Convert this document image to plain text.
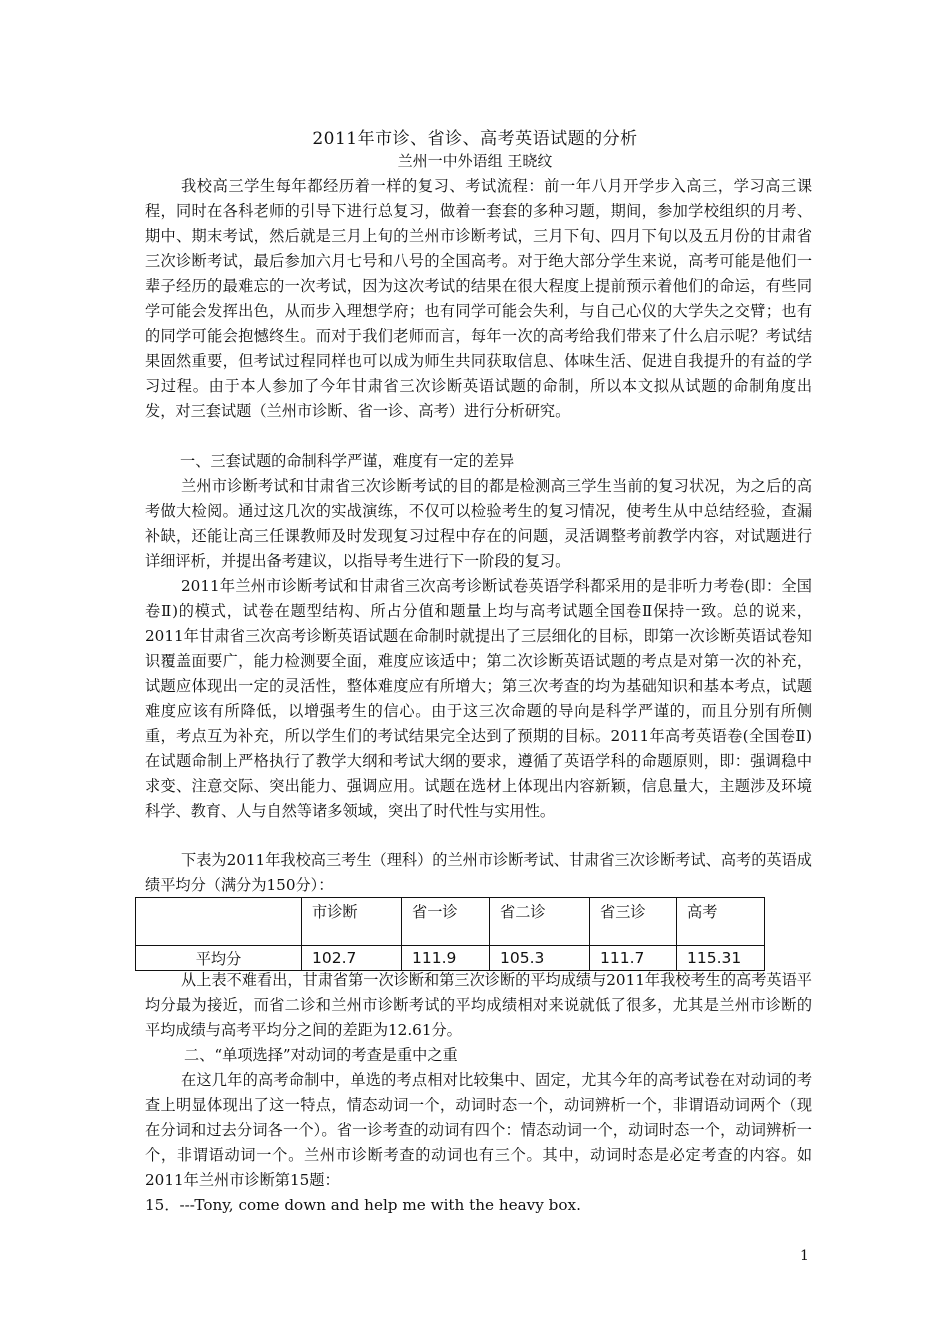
2011年市诊、省诊、高考英语试题的分析
兰州一中外语组 王晓纹

我校高三学生每年都经历着一样的复习、考试流程：前一年八月开学步入高三，学习高三课程，同时在各科老师的引导下进行总复习，做着一套套的多种习题，期间，参加学校组织的月考、期中、期末考试，然后就是三月上旬的兰州市诊断考试，三月下旬、四月下旬以及五月份的甘肃省三次诊断考试，最后参加六月七号和八号的全国高考。对于绝大部分学生来说，高考可能是他们一辈子经历的最难忘的一次考试，因为这次考试的结果在很大程度上提前预示着他们的命运，有些同学可能会发挥出色，从而步入理想学府；也有同学可能会失利，与自己心仪的大学失之交臂；也有的同学可能会抱憾终生。而对于我们老师而言，每年一次的高考给我们带来了什么启示呢？考试结果固然重要，但考试过程同样也可以成为师生共同获取信息、体味生活、促进自我提升的有益的学习过程。由于本人参加了今年甘肃省三次诊断英语试题的命制，所以本文拟从试题的命制角度出发，对三套试题（兰州市诊断、省一诊、高考）进行分析研究。

一、三套试题的命制科学严谨，难度有一定的差异

兰州市诊断考试和甘肃省三次诊断考试的目的都是检测高三学生当前的复习状况，为之后的高考做大检阅。通过这几次的实战演练，不仅可以检验考生的复习情况，使考生从中总结经验，查漏补缺，还能让高三任课教师及时发现复习过程中存在的问题，灵活调整考前教学内容，对试题进行详细评析，并提出备考建议，以指导考生进行下一阶段的复习。

2011年兰州市诊断考试和甘肃省三次高考诊断试卷英语学科都采用的是非听力考卷(即：全国卷Ⅱ)的模式，试卷在题型结构、所占分值和题量上均与高考试题全国卷Ⅱ保持一致。总的说来，2011年甘肃省三次高考诊断英语试题在命制时就提出了三层细化的目标，即第一次诊断英语试卷知识覆盖面要广，能力检测要全面，难度应该适中；第二次诊断英语试题的考点是对第一次的补充，试题应体现出一定的灵活性，整体难度应有所增大；第三次考查的均为基础知识和基本考点，试题难度应该有所降低，以增强考生的信心。由于这三次命题的导向是科学严谨的，而且分别有所侧重，考点互为补充，所以学生们的考试结果完全达到了预期的目标。2011年高考英语卷(全国卷Ⅱ)在试题命制上严格执行了教学大纲和考试大纲的要求，遵循了英语学科的命题原则，即：强调稳中求变、注意交际、突出能力、强调应用。试题在选材上体现出内容新颖，信息量大，主题涉及环境科学、教育、人与自然等诸多领域，突出了时代性与实用性。

下表为2011年我校高三考生（理科）的兰州市诊断考试、甘肃省三次诊断考试、高考的英语成绩平均分（满分为150分）：

	市诊断	省一诊	省二诊	省三诊	高考
平均分	102.7	111.9	105.3	111.7	115.31

从上表不难看出，甘肃省第一次诊断和第三次诊断的平均成绩与2011年我校考生的高考英语平均分最为接近，而省二诊和兰州市诊断考试的平均成绩相对来说就低了很多，尤其是兰州市诊断的平均成绩与高考平均分之间的差距为12.61分。

二、“单项选择”对动词的考查是重中之重

在这几年的高考命制中，单选的考点相对比较集中、固定，尤其今年的高考试卷在对动词的考查上明显体现出了这一特点，情态动词一个，动词时态一个，动词辨析一个，非谓语动词两个（现在分词和过去分词各一个）。省一诊考查的动词有四个：情态动词一个，动词时态一个，动词辨析一个，非谓语动词一个。兰州市诊断考查的动词也有三个。其中，动词时态是必定考查的内容。如2011年兰州市诊断第15题：

15．---Tony, come down and help me with the heavy box.

1
